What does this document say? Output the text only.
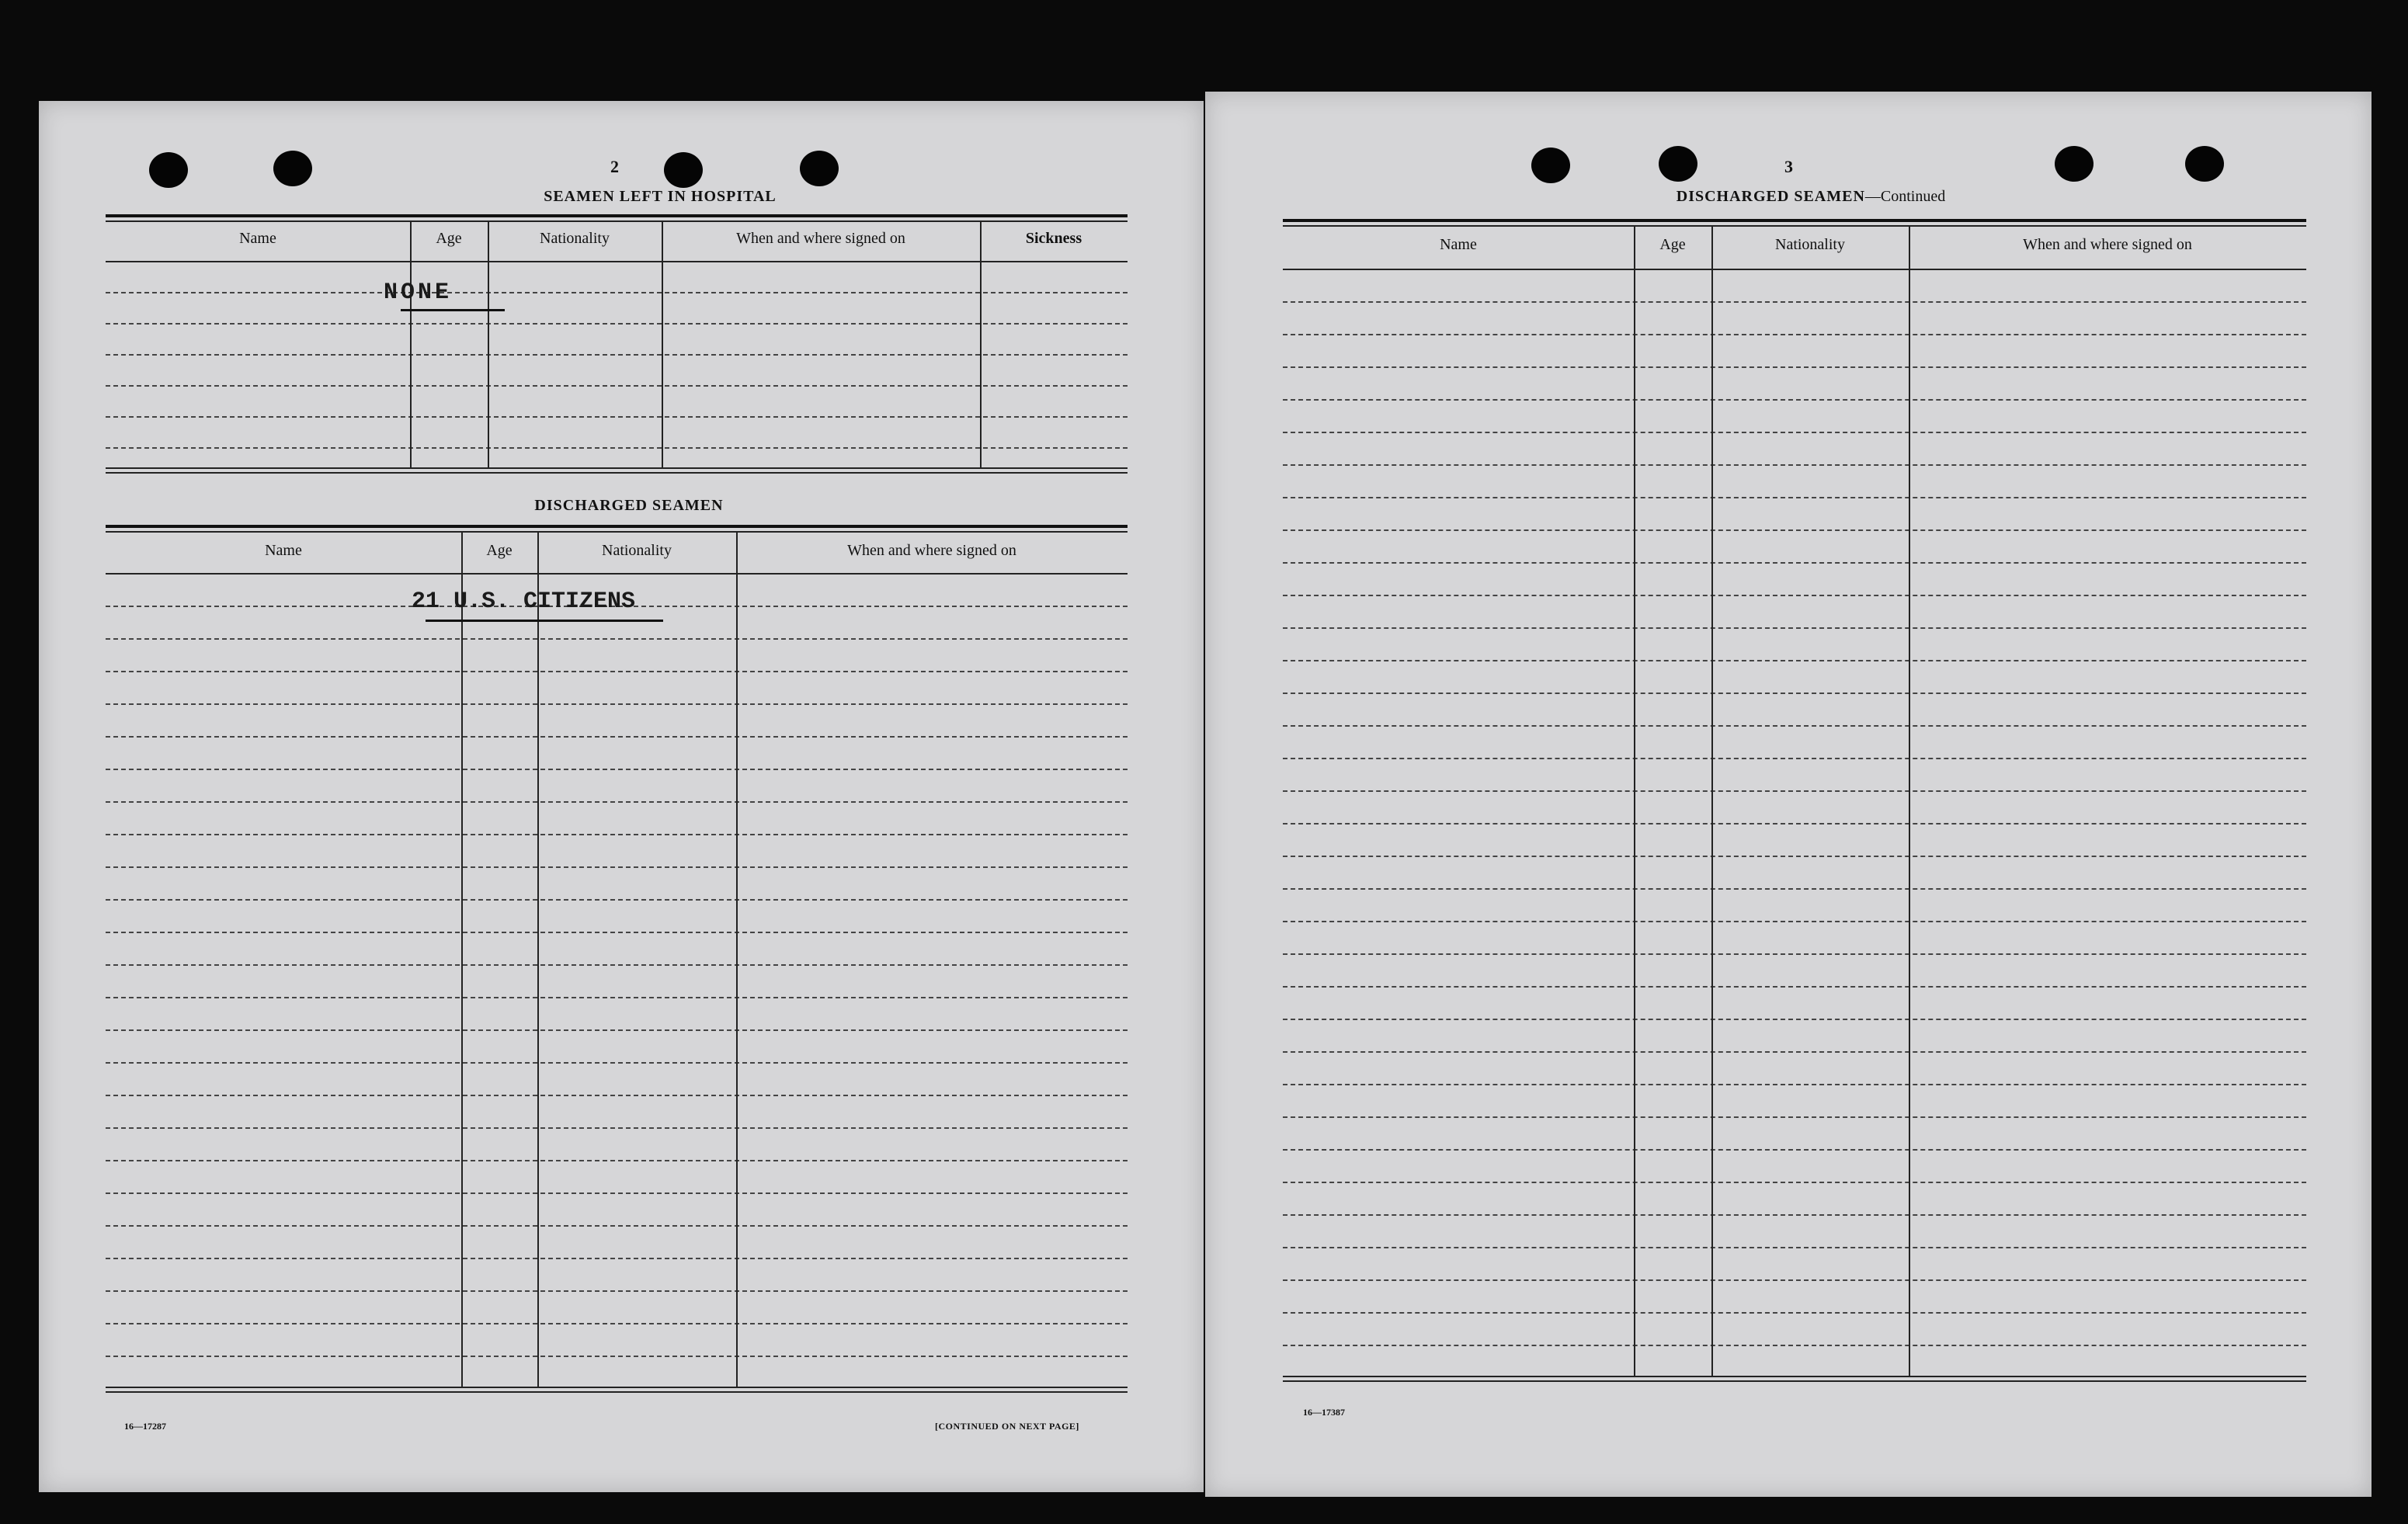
2
SEAMEN LEFT IN HOSPITAL
Name	Age	Nationality	When and where signed on	Sickness
NONE
DISCHARGED SEAMEN
Name	Age	Nationality	When and where signed on
21 U.S. CITIZENS
16—17287	[CONTINUED ON NEXT PAGE]
3
DISCHARGED SEAMEN—Continued
Name	Age	Nationality	When and where signed on
16—17387
